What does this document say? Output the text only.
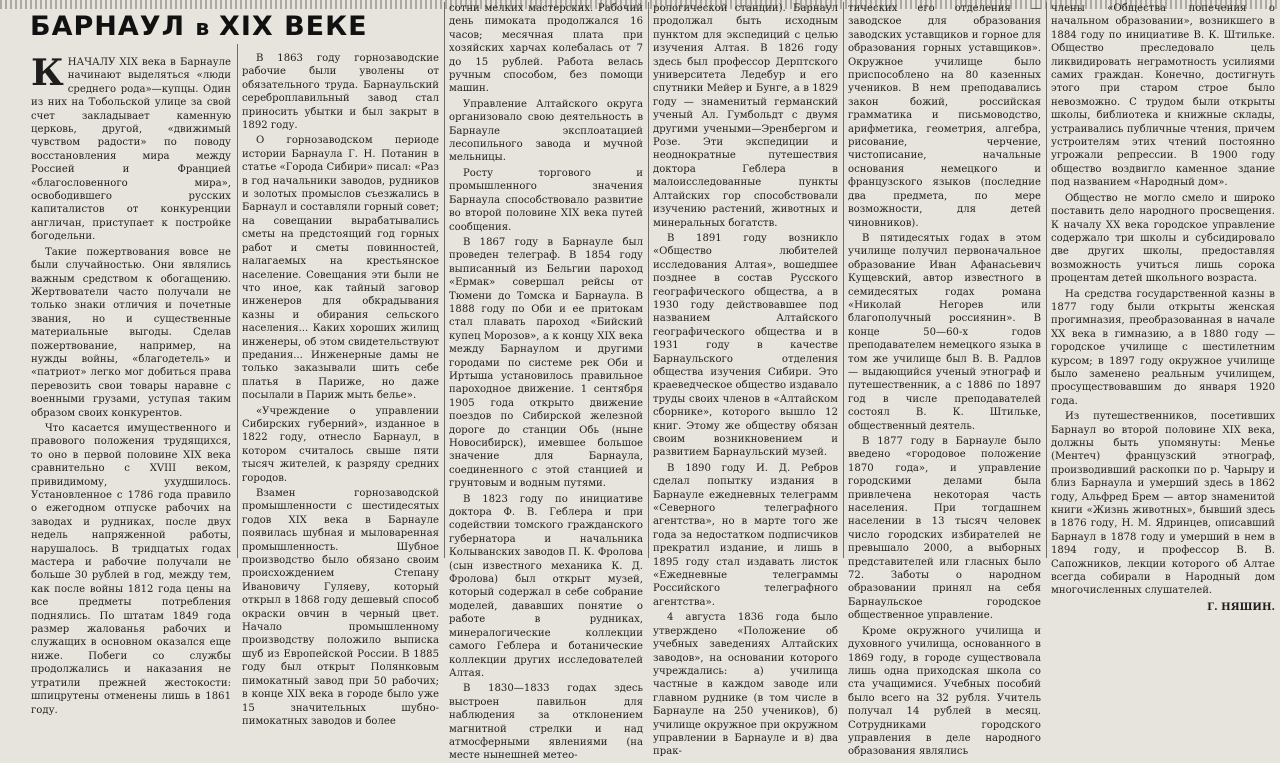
БАРНАУЛ в XIX ВЕКЕ
К НАЧАЛУ XIX века в Барнауле начинают выделяться «люди среднего рода»—купцы. Один из них на Тобольской улице за свой счет закладывает каменную церковь, другой, «движимый чувством радости» по поводу восстановления мира между Россией и Францией «благословенного мира», освободившего русских капиталистов от конкуренции англичан, приступает к постройке богодельни.

Такие пожертвования вовсе не были случайностью. Они являлись важным средством к обогащению. Жертвователи часто получали не только знаки отличия и почетные звания, но и существенные материальные выгоды. Сделав пожертвование, например, на нужды войны, «благодетель» и «патриот» легко мог добиться права перевозить свои товары наравне с военными грузами, уступая таким образом своих конкурентов.

Что касается имущественного и правового положения трудящихся, то оно в первой половине XIX века сравнительно с XVIII веком, привидимому, ухудшилось. Установленное с 1786 года правило о ежегодном отпуске рабочих на заводах и рудниках, после двух недель напряженной работы, нарушалось. В тридцатых годах мастера и рабочие получали не больше 30 рублей в год, между тем, как после войны 1812 года цены на все предметы потребления поднялись. По штатам 1849 года размер жалованья рабочих и служащих в основном оказался еще ниже. Побеги со службы продолжались и наказания не утратили прежней жестокости: шпицрутены отменены лишь в 1861 году.

В 1863 году горнозаводские рабочие были уволены от обязательного труда. Барнаульский сереброплавильный завод стал приносить убытки и был закрыт в 1892 году.

О горнозаводском периоде истории Барнаула Г. Н. Потанин в статье «Города Сибири» писал: «Раз в год начальники заводов, рудников и золотых промыслов съезжались в Барнаул и составляли горный совет; на совещании вырабатывались сметы на предстоящий год горных работ и сметы повинностей, налагаемых на крестьянское население. Совещания эти были не что иное, как тайный заговор инженеров для обкрадывания казны и обирания сельского населения... Каких хороших жилищ инженеры, об этом свидетельствуют предания... Инженерные дамы не только заказывали шить себе платья в Париже, но даже посылали в Париж мыть белье».

«Учреждение о управлении Сибирских губерний», изданное в 1822 году, отнесло Барнаул, в котором считалось свыше пяти тысяч жителей, к разряду средних городов.

Взамен горнозаводской промышленности с шестидесятых годов XIX века в Барнауле появилась шубная и мыловаренная промышленность. Шубное производство было обязано своим происхождением Степану Ивановичу Гуляеву, который открыл в 1868 году дешевый способ окраски овчин в черный цвет. Начало промышленному производству положило выписка шуб из Европейской России. В 1885 году был открыт Полянковым пимокатный завод при 50 рабочих; в конце XIX века в городе было уже 15 значительных шубно-пимокатных заводов и более

сотни мелких мастерских. Рабочий день пимоката продолжался 16 часов; месячная плата при хозяйских харчах колебалась от 7 до 15 рублей. Работа велась ручным способом, без помощи машин.

Управление Алтайского округа организовало свою деятельность в Барнауле эксплоатацией лесопильного завода и мучной мельницы.

Росту торгового и промышленного значения Барнаула способствовало развитие во второй половине XIX века путей сообщения.

В 1867 году в Барнауле был проведен телеграф. В 1854 году выписанный из Бельгии пароход «Ермак» совершал рейсы от Тюмени до Томска и Барнаула. В 1888 году по Оби и ее притокам стал плавать пароход «Бийский купец Морозов», а к концу XIX века между Барнаулом и другими городами по системе рек Оби и Иртыша установилось правильное пароходное движение. 1 сентября 1905 года открыто движение поездов по Сибирской железной дороге до станции Обь (ныне Новосибирск), имевшее большое значение для Барнаула, соединенного с этой станцией и грунтовым и водным путями.

В 1823 году по инициативе доктора Ф. В. Геблера и при содействии томского гражданского губернатора и начальника Колыванских заводов П. К. Фролова (сын известного механика К. Д. Фролова) был открыт музей, который содержал в себе собрание моделей, дававших понятие о работе в рудниках, минералогические коллекции самого Геблера и ботанические коллекции других исследователей Алтая.

В 1830—1833 годах здесь выстроен павильон для наблюдения за отклонением магнитной стрелки и над атмосферными явлениями (на месте нынешней метео-

рологической станции). Барнаул продолжал быть исходным пунктом для экспедиций с целью изучения Алтая. В 1826 году здесь был профессор Дерптского университета Ледебур и его спутники Мейер и Бунге, а в 1829 году — знаменитый германский ученый Ал. Гумбольдт с двумя другими учеными—Эренбергом и Розе. Эти экспедиции и неоднократные путешествия доктора Геблера в малоисследованные пункты Алтайских гор способствовали изучению растений, животных и минеральных богатств.

В 1891 году возникло «Общество любителей исследования Алтая», вошедшее позднее в состав Русского географического общества, а в 1930 году действовавшее под названием Алтайского географического общества и в 1931 году в качестве Барнаульского отделения общества изучения Сибири. Это краеведческое общество издавало труды своих членов в «Алтайском сборнике», которого вышло 12 книг. Этому же обществу обязан своим возникновением и развитием Барнаульский музей.

В 1890 году И. Д. Ребров сделал попытку издания в Барнауле ежедневных телеграмм «Северного телеграфного агентства», но в марте того же года за недостатком подписчиков прекратил издание, и лишь в 1895 году стал издавать листок «Ежедневные телеграммы Российского телеграфного агентства».

4 августа 1836 года было утверждено «Положение об учебных заведениях Алтайских заводов», на основании которого учреждались: а) училища частные в каждом заводе или главном руднике (в том числе в Барнауле на 250 учеников), б) училище окружное при окружном управлении в Барнауле и в) два прак-

тических его отделения — заводское для образования заводских уставщиков и горное для образования горных уставщиков». Окружное училище было приспособлено на 80 казенных учеников. В нем преподавались закон божий, российская грамматика и письмоводство, арифметика, геометрия, алгебра, рисование, черчение, чистописание, начальные основания немецкого и французского языков (последние два предмета, по мере возможности, для детей чиновников).

В пятидесятых годах в этом училище получил первоначальное образование Иван Афанасьевич Кущевский, автор известного в семидесятых годах романа «Николай Негорев или благополучный россиянин». В конце 50—60-х годов преподавателем немецкого языка в том же училище был В. В. Радлов — выдающийся ученый этнограф и путешественник, а с 1886 по 1897 год в числе преподавателей состоял В. К. Штильке, общественный деятель.

В 1877 году в Барнауле было введено «городовое положение 1870 года», и управление городскими делами была привлечена некоторая часть населения. При тогдашнем населении в 13 тысяч человек число городских избирателей не превышало 2000, а выборных представителей или гласных было 72. Заботы о народном образовании принял на себя Барнаульское городское общественное управление.

Кроме окружного училища и духовного училища, основанного в 1869 году, в городе существовала лишь одна приходская школа со ста учащимися. Учебных пособий было всего на 32 рубля. Учитель получал 14 рублей в месяц. Сотрудниками городского управления в деле народного образования являлись

члены «Общества попечения о начальном образовании», возникшего в 1884 году по инициативе В. К. Штильке. Общество преследовало цель ликвидировать неграмотность усилиями самих граждан. Конечно, достигнуть этого при старом строе было невозможно. С трудом были открыты школы, библиотека и книжные склады, устраивались публичные чтения, причем устроителям этих чтений постоянно угрожали репрессии. В 1900 году общество воздвигло каменное здание под названием «Народный дом».

Общество не могло смело и широко поставить дело народного просвещения. К началу XX века городское управление содержало три школы и субсидировало две других школы, предоставляя возможность учиться лишь сорока процентам детей школьного возраста.

На средства государственной казны в 1877 году были открыты женская прогимназия, преобразованная в начале XX века в гимназию, а в 1880 году — городское училище с шестилетним курсом; в 1897 году окружное училище было заменено реальным училищем, просуществовавшим до января 1920 года.

Из путешественников, посетивших Барнаул во второй половине XIX века, должны быть упомянуты: Менье (Ментеч) французский этнограф, производивший раскопки по р. Чарыру и близ Барнаула и умерший здесь в 1862 году, Альфред Брем — автор знаменитой книги «Жизнь животных», бывший здесь в 1876 году, Н. М. Ядринцев, описавший Барнаул в 1878 году и умерший в нем в 1894 году, и профессор В. В. Сапожников, лекции которого об Алтае всегда собирали в Народный дом многочисленных слушателей.

Г. НЯШИН.
